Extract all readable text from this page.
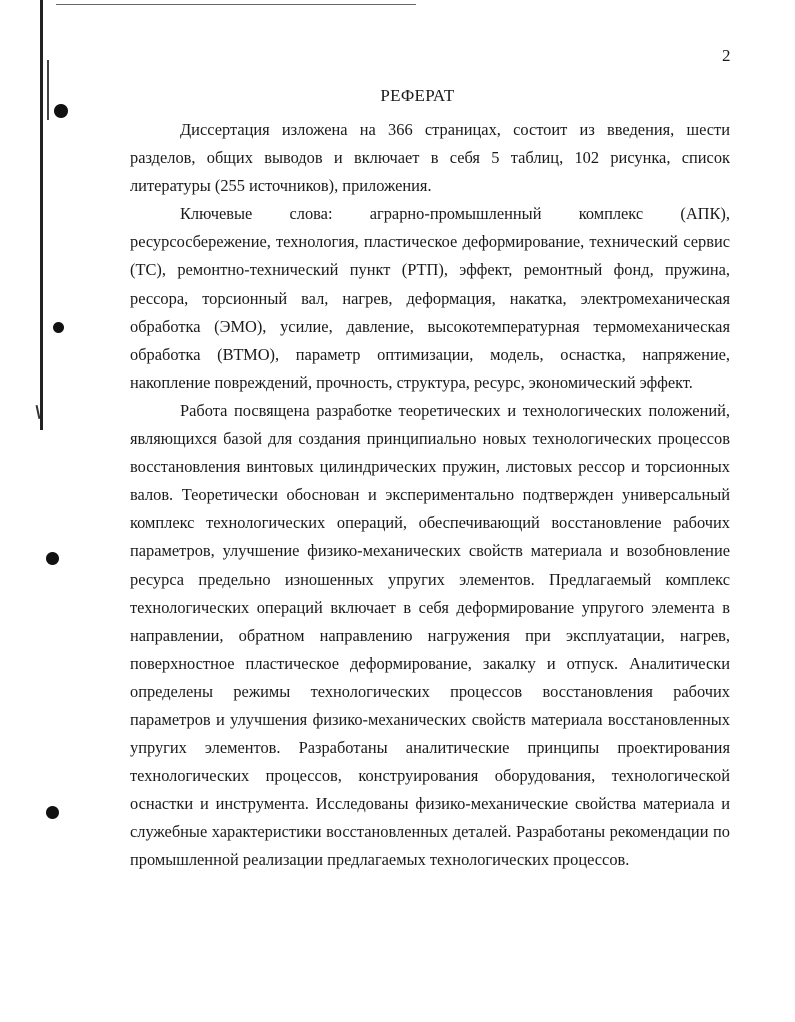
2
РЕФЕРАТ

Диссертация изложена на 366 страницах, состоит из введения, шести разделов, общих выводов и включает в себя 5 таблиц, 102 рисунка, список литературы (255 источников), приложения.

Ключевые слова: аграрно-промышленный комплекс (АПК), ресурсосбережение, технология, пластическое деформирование, технический сервис (ТС), ремонтно-технический пункт (РТП), эффект, ремонтный фонд, пружина, рессора, торсионный вал, нагрев, деформация, накатка, электромеханическая обработка (ЭМО), усилие, давление, высокотемпературная термомеханическая обработка (ВТМО), параметр оптимизации, модель, оснастка, напряжение, накопление повреждений, прочность, структура, ресурс, экономический эффект.

Работа посвящена разработке теоретических и технологических положений, являющихся базой для создания принципиально новых технологических процессов восстановления винтовых цилиндрических пружин, листовых рессор и торсионных валов. Теоретически обоснован и экспериментально подтвержден универсальный комплекс технологических операций, обеспечивающий восстановление рабочих параметров, улучшение физико-механических свойств материала и возобновление ресурса предельно изношенных упругих элементов. Предлагаемый комплекс технологических операций включает в себя деформирование упругого элемента в направлении, обратном направлению нагружения при эксплуатации, нагрев, поверхностное пластическое деформирование, закалку и отпуск. Аналитически определены режимы технологических процессов восстановления рабочих параметров и улучшения физико-механических свойств материала восстановленных упругих элементов. Разработаны аналитические принципы проектирования технологических процессов, конструирования оборудования, технологической оснастки и инструмента. Исследованы физико-механические свойства материала и служебные характеристики восстановленных деталей. Разработаны рекомендации по промышленной реализации предлагаемых технологических процессов.
